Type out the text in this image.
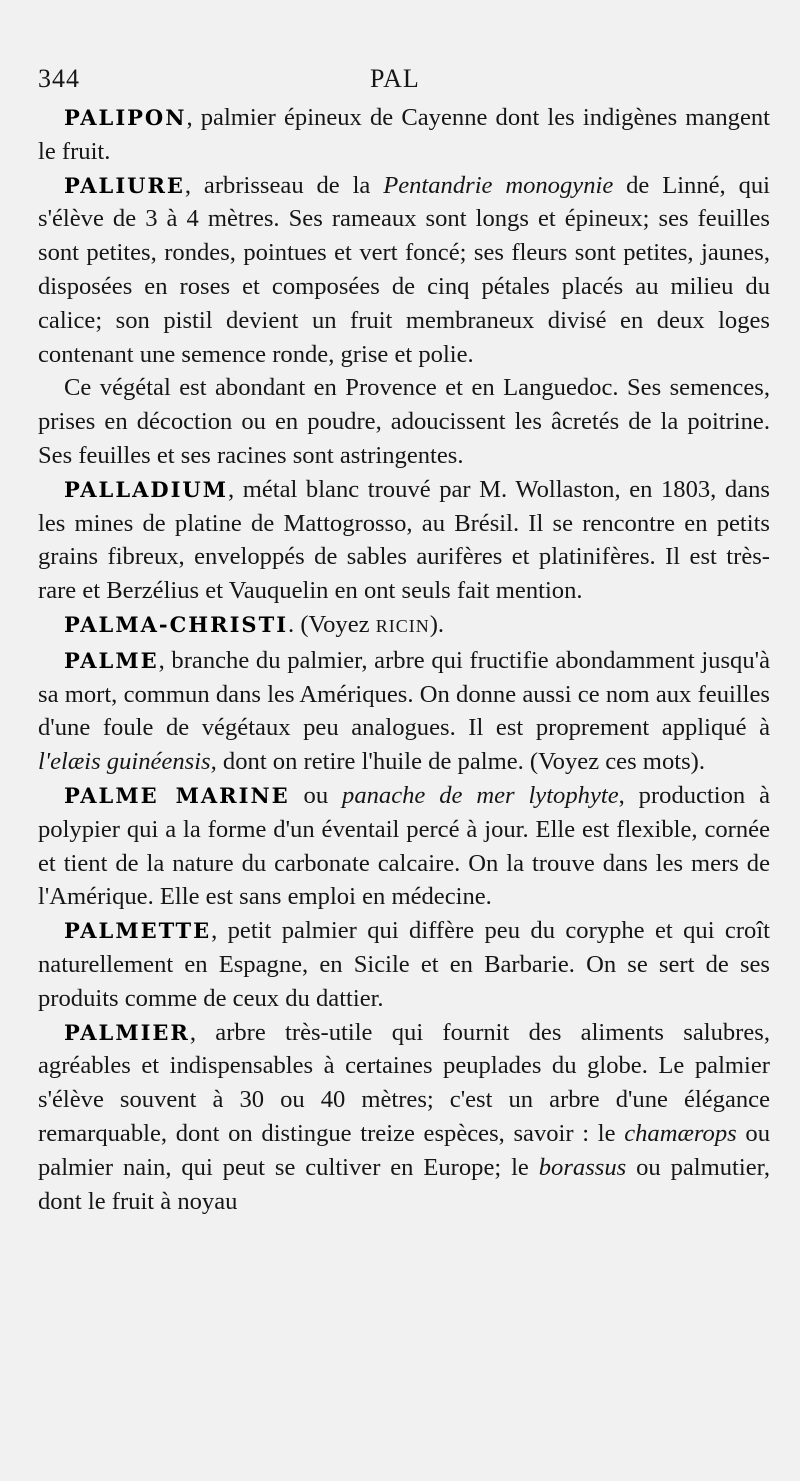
344	PAL

PALIPON, palmier épineux de Cayenne dont les indigènes mangent le fruit.

PALIURE, arbrisseau de la Pentandrie monogynie de Linné, qui s'élève de 3 à 4 mètres. Ses rameaux sont longs et épineux; ses feuilles sont petites, rondes, pointues et vert foncé; ses fleurs sont petites, jaunes, disposées en roses et composées de cinq pétales placés au milieu du calice; son pistil devient un fruit membraneux divisé en deux loges contenant une semence ronde, grise et polie.

Ce végétal est abondant en Provence et en Languedoc. Ses semences, prises en décoction ou en poudre, adoucissent les âcretés de la poitrine. Ses feuilles et ses racines sont astringentes.

PALLADIUM, métal blanc trouvé par M. Wollaston, en 1803, dans les mines de platine de Mattogrosso, au Brésil. Il se rencontre en petits grains fibreux, enveloppés de sables aurifères et platinifères. Il est très-rare et Berzélius et Vauquelin en ont seuls fait mention.

PALMA-CHRISTI. (Voyez RICIN).

PALME, branche du palmier, arbre qui fructifie abondamment jusqu'à sa mort, commun dans les Amériques. On donne aussi ce nom aux feuilles d'une foule de végétaux peu analogues. Il est proprement appliqué à l'elæis guinéensis, dont on retire l'huile de palme. (Voyez ces mots).

PALME MARINE ou panache de mer lytophyte, production à polypier qui a la forme d'un éventail percé à jour. Elle est flexible, cornée et tient de la nature du carbonate calcaire. On la trouve dans les mers de l'Amérique. Elle est sans emploi en médecine.

PALMETTE, petit palmier qui diffère peu du coryphe et qui croît naturellement en Espagne, en Sicile et en Barbarie. On se sert de ses produits comme de ceux du dattier.

PALMIER, arbre très-utile qui fournit des aliments salubres, agréables et indispensables à certaines peuplades du globe. Le palmier s'élève souvent à 30 ou 40 mètres; c'est un arbre d'une élégance remarquable, dont on distingue treize espèces, savoir : le chamærops ou palmier nain, qui peut se cultiver en Europe; le borassus ou palmutier, dont le fruit à noyau
